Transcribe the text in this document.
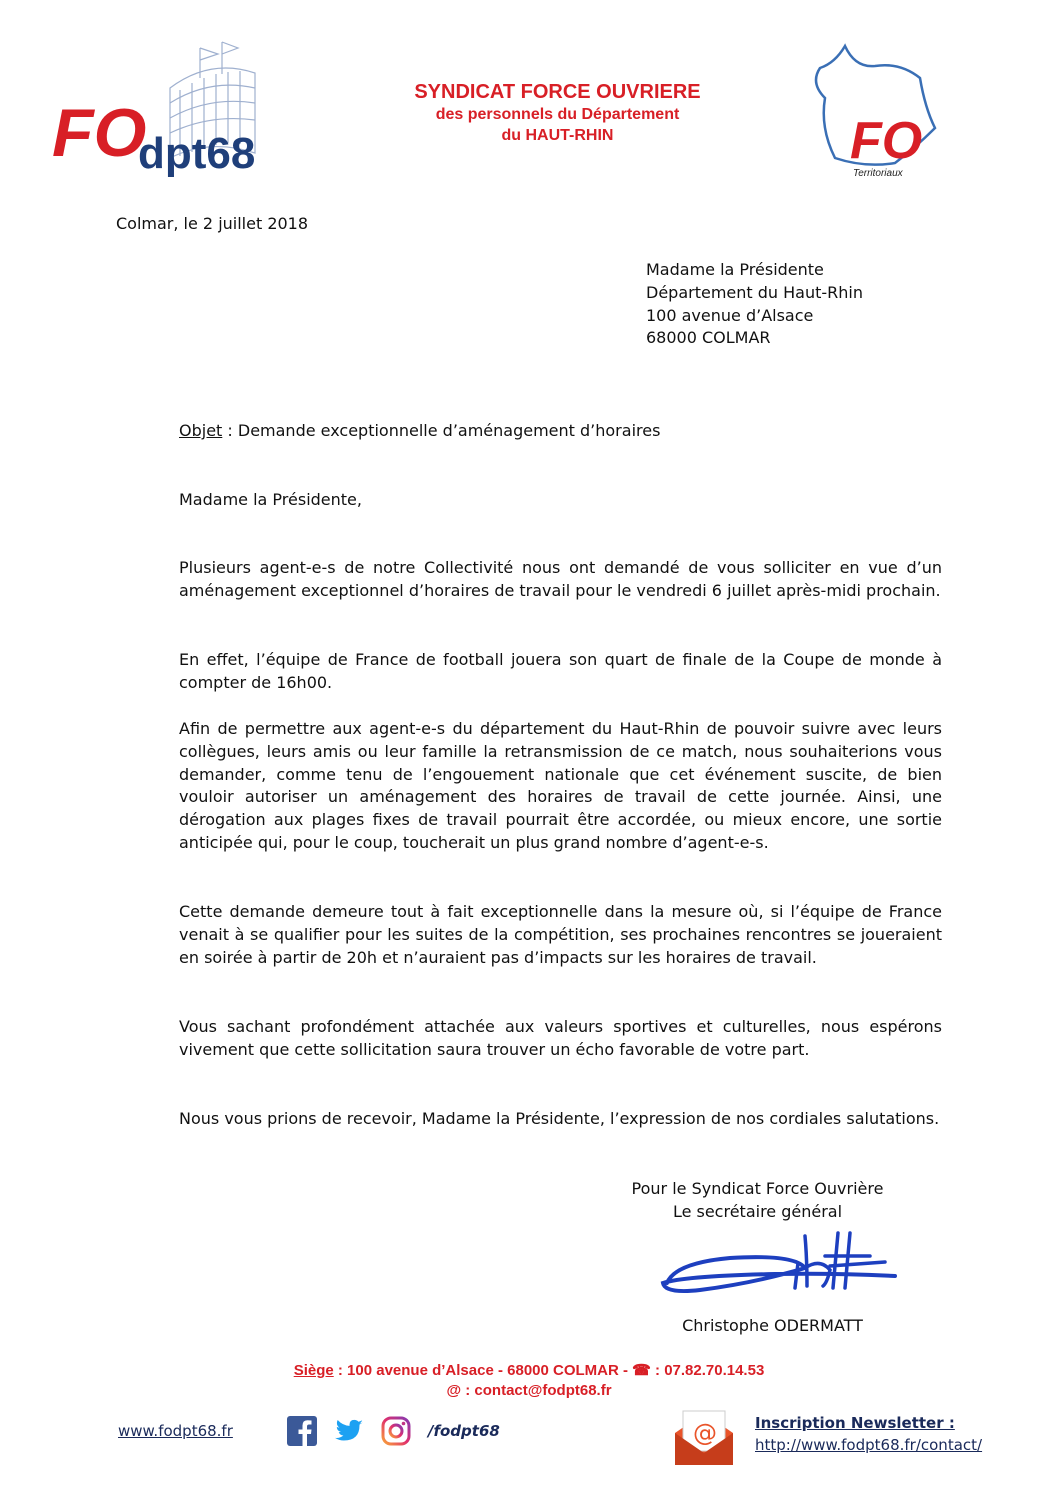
FO
dpt68
SYNDICAT FORCE OUVRIERE
des personnels du Département
du HAUT-RHIN	FO
Territoriaux
Colmar, le 2 juillet 2018
Madame la Présidente
Département du Haut-Rhin
100 avenue d’Alsace
68000 COLMAR
Objet : Demande exceptionnelle d’aménagement d’horaires
Madame la Présidente,

Plusieurs agent-e-s de notre Collectivité nous ont demandé de vous solliciter en vue d’un aménagement exceptionnel d’horaires de travail pour le vendredi 6 juillet après-midi prochain.

En effet, l’équipe de France de football jouera son quart de finale de la Coupe de monde à compter de 16h00.

Afin de permettre aux agent-e-s du département du Haut-Rhin de pouvoir suivre avec leurs collègues, leurs amis ou leur famille la retransmission de ce match, nous souhaiterions vous demander, comme tenu de l’engouement nationale que cet événement suscite, de bien vouloir autoriser un aménagement des horaires de travail de cette journée. Ainsi, une dérogation aux plages fixes de travail pourrait être accordée, ou mieux encore, une sortie anticipée qui, pour le coup, toucherait un plus grand nombre d’agent-e-s.

Cette demande demeure tout à fait exceptionnelle dans la mesure où, si l’équipe de France venait à se qualifier pour les suites de la compétition, ses prochaines rencontres se joueraient en soirée à partir de 20h et n’auraient pas d’impacts sur les horaires de travail.

Vous sachant profondément attachée aux valeurs sportives et culturelles, nous espérons vivement que cette sollicitation saura trouver un écho favorable de votre part.

Nous vous prions de recevoir, Madame la Présidente, l’expression de nos cordiales salutations.

Pour le Syndicat Force Ouvrière
Le secrétaire général
Christophe ODERMATT
Siège : 100 avenue d’Alsace - 68000 COLMAR - ☎ : 07.82.70.14.53
@ : contact@fodpt68.fr
www.fodpt68.fr	/fodpt68	@	Inscription Newsletter :
http://www.fodpt68.fr/contact/
